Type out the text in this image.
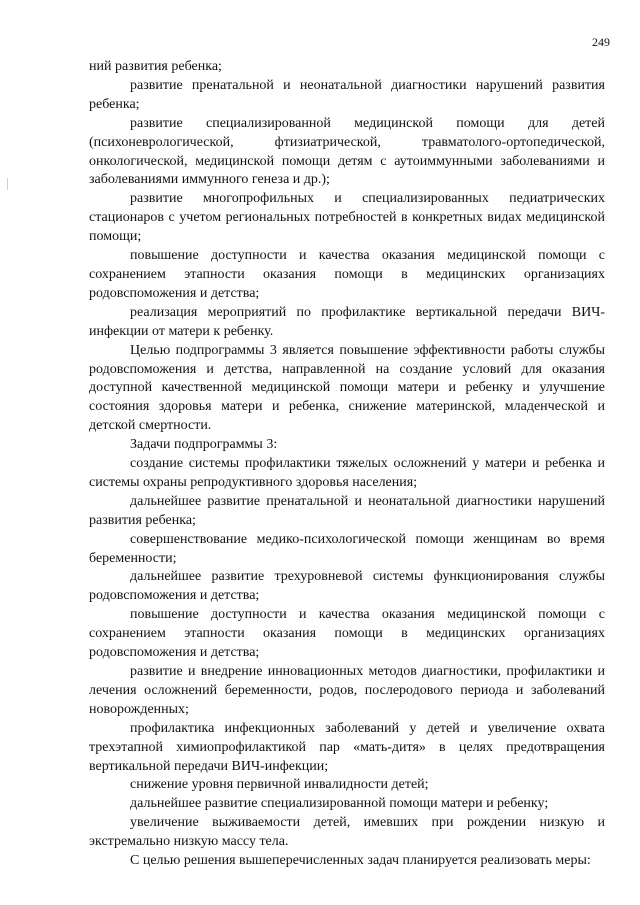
249

ний развития ребенка;

развитие пренатальной и неонатальной диагностики нарушений развития ребенка;

развитие специализированной медицинской помощи для детей (психоневрологической, фтизиатрической, травматолого-ортопедической, онкологической, медицинской помощи детям с аутоиммунными заболеваниями и заболеваниями иммунного генеза и др.);

развитие многопрофильных и специализированных педиатрических стационаров с учетом региональных потребностей в конкретных видах медицинской помощи;

повышение доступности и качества оказания медицинской помощи с сохранением этапности оказания помощи в медицинских организациях родовспоможения и детства;

реализация мероприятий по профилактике вертикальной передачи ВИЧ-инфекции от матери к ребенку.

Целью подпрограммы 3 является повышение эффективности работы службы родовспоможения и детства, направленной на создание условий для оказания доступной качественной медицинской помощи матери и ребенку и улучшение состояния здоровья матери и ребенка, снижение материнской, младенческой и детской смертности.

Задачи подпрограммы 3:

создание системы профилактики тяжелых осложнений у матери и ребенка и системы охраны репродуктивного здоровья населения;

дальнейшее развитие пренатальной и неонатальной диагностики нарушений развития ребенка;

совершенствование медико-психологической помощи женщинам во время беременности;

дальнейшее развитие трехуровневой системы функционирования службы родовспоможения и детства;

повышение доступности и качества оказания медицинской помощи с сохранением этапности оказания помощи в медицинских организациях родовспоможения и детства;

развитие и внедрение инновационных методов диагностики, профилактики и лечения осложнений беременности, родов, послеродового периода и заболеваний новорожденных;

профилактика инфекционных заболеваний у детей и увеличение охвата трехэтапной химиопрофилактикой пар «мать-дитя» в целях предотвращения вертикальной передачи ВИЧ-инфекции;

снижение уровня первичной инвалидности детей;

дальнейшее развитие специализированной помощи матери и ребенку;

увеличение выживаемости детей, имевших при рождении низкую и экстремально низкую массу тела.

С целью решения вышеперечисленных задач планируется реализовать меры:
